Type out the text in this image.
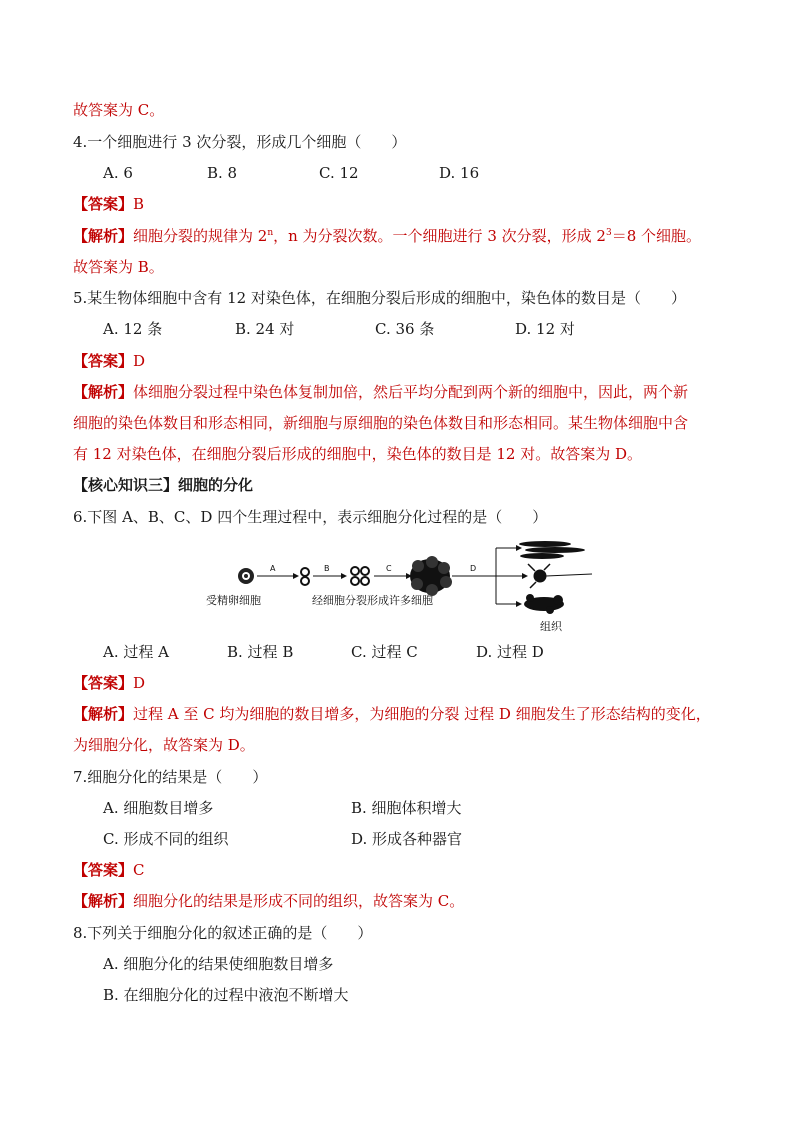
故答案为 C。
4.一个细胞进行 3 次分裂，形成几个细胞（　　）
A. 6	B. 8	C. 12	D. 16
【答案】B
【解析】细胞分裂的规律为 2$^n$，n 为分裂次数。一个细胞进行 3 次分裂，形成 $2^3=8$ 个细胞。
故答案为 B。
5.某生物体细胞中含有 12 对染色体，在细胞分裂后形成的细胞中，染色体的数目是（　　）
A. 12 条	B. 24 对	C. 36 条	D. 12 对
【答案】D
【解析】体细胞分裂过程中染色体复制加倍，然后平均分配到两个新的细胞中，因此，两个新
细胞的染色体数目和形态相同，新细胞与原细胞的染色体数目和形态相同。某生物体细胞中含
有 12 对染色体，在细胞分裂后形成的细胞中，染色体的数目是 12 对。故答案为 D。
【核心知识三】细胞的分化
6.下图 A、B、C、D 四个生理过程中，表示细胞分化过程的是（　　）
A	B	C	D
受精卵细胞	经细胞分裂形成许多细胞
组织
A. 过程 A	B. 过程 B	C. 过程 C	D. 过程 D
【答案】D
【解析】过程 A 至 C 均为细胞的数目增多，为细胞的分裂 过程 D 细胞发生了形态结构的变化，
为细胞分化，故答案为 D。
7.细胞分化的结果是（　　）
A. 细胞数目增多	B. 细胞体积增大
C. 形成不同的组织	D. 形成各种器官
【答案】C
【解析】细胞分化的结果是形成不同的组织，故答案为 C。
8.下列关于细胞分化的叙述正确的是（　　）
A. 细胞分化的结果使细胞数目增多
B. 在细胞分化的过程中液泡不断增大
